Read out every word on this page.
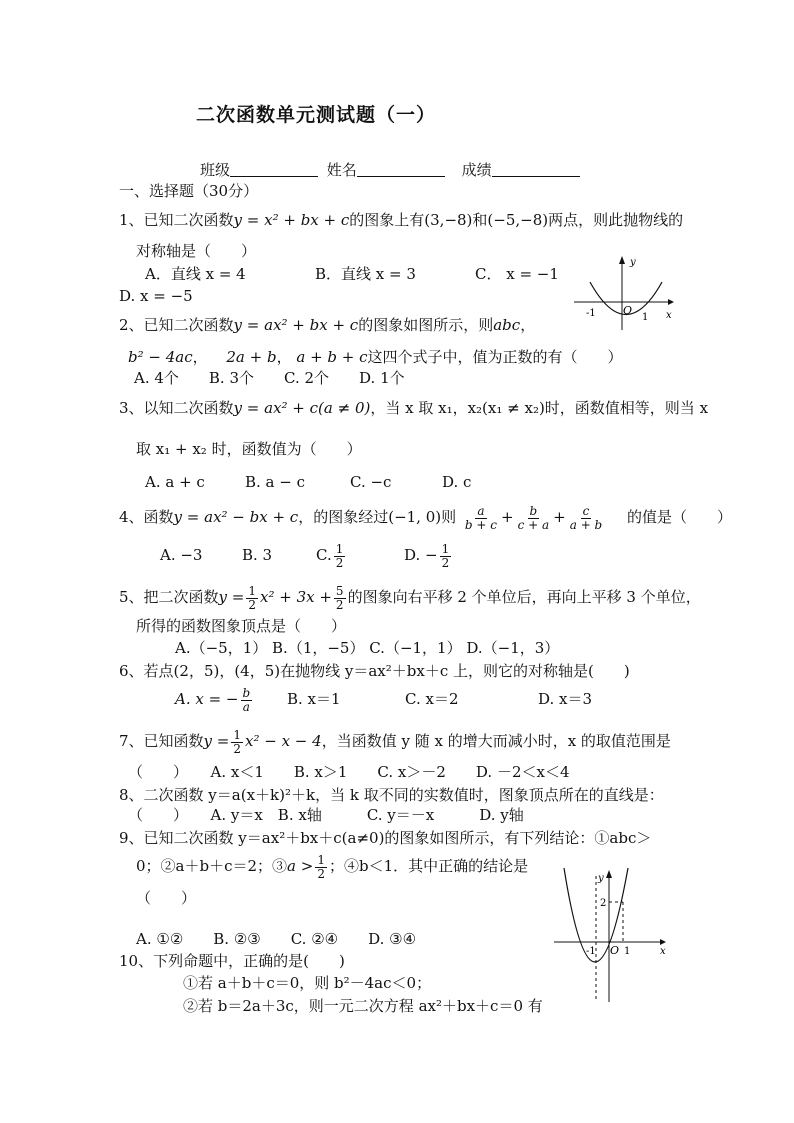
二次函数单元测试题（一）
班级	姓名	成绩
一、选择题（30分）
1、已知二次函数y = x² + bx + c的图象上有(3,−8)和(−5,−8)两点，则此抛物线的
对称轴是（　　）
A．直线 x = 4	B．直线 x = 3	C． x = −1
D. x = −5
y
x
O
-1	1
2、已知二次函数y = ax² + bx + c的图象如图所示，则abc，
b² − 4ac， 2a + b， a + b + c这四个式子中，值为正数的有（　　）
A. 4个　　B. 3个　　C. 2个　　D. 1个
3、以知二次函数y = ax² + c(a ≠ 0)，当 x 取 x₁，x₂(x₁ ≠ x₂)时，函数值相等，则当 x
取 x₁ + x₂ 时，函数值为（　　）
A. a + c	B. a − c	C. −c	D. c
4、函数y = ax² − bx + c，的图象经过(−1, 0)则 $\frac{a}{b + c} + \frac{b}{c + a} + \frac{c}{a + b}$ 的值是（　　）
A. −3	B. 3	C. $\frac{1}{2}$	D. − $\frac{1}{2}$
5、把二次函数$y = \frac{1}{2} x^2 + 3x + \frac{5}{2}$ 的图象向右平移 2 个单位后，再向上平移 3 个单位，
所得的函数图象顶点是（　　）
A.（−5，1） B.（1，−5） C.（−1，1） D.（−1，3）
6、若点(2，5)，(4，5)在抛物线 y＝ax²＋bx＋c 上，则它的对称轴是(　　)
A. x = − $\frac{b}{a} B$. x＝1	C. x＝2	D. x＝3
7、已知函数$y = \frac{1}{2} x^2 - x - 4$，当函数值 y 随 x 的增大而减小时，x 的取值范围是
（　　）　　A. x＜1　　B. x＞1　　C. x＞－2　　D. －2＜x＜4
8、二次函数 y＝a(x＋k)²＋k，当 k 取不同的实数值时，图象顶点所在的直线是：
（　　）　　A. y＝x　B. x轴　　　C. y＝－x　　　D. y轴
9、已知二次函数 y＝ax²＋bx＋c(a≠0)的图象如图所示，有下列结论：①abc＞
0；②a＋b＋c＝2；③a > $\frac{1}{2}$ ；④b＜1．其中正确的结论是
（　　）
A. ①②　　B. ②③　　C. ②④　　D. ③④
y
x
O
-1	1
2
10、下列命题中，正确的是(　　)
①若 a＋b＋c＝0，则 b²－4ac＜0；
②若 b＝2a＋3c，则一元二次方程 ax²＋bx＋c＝0 有
